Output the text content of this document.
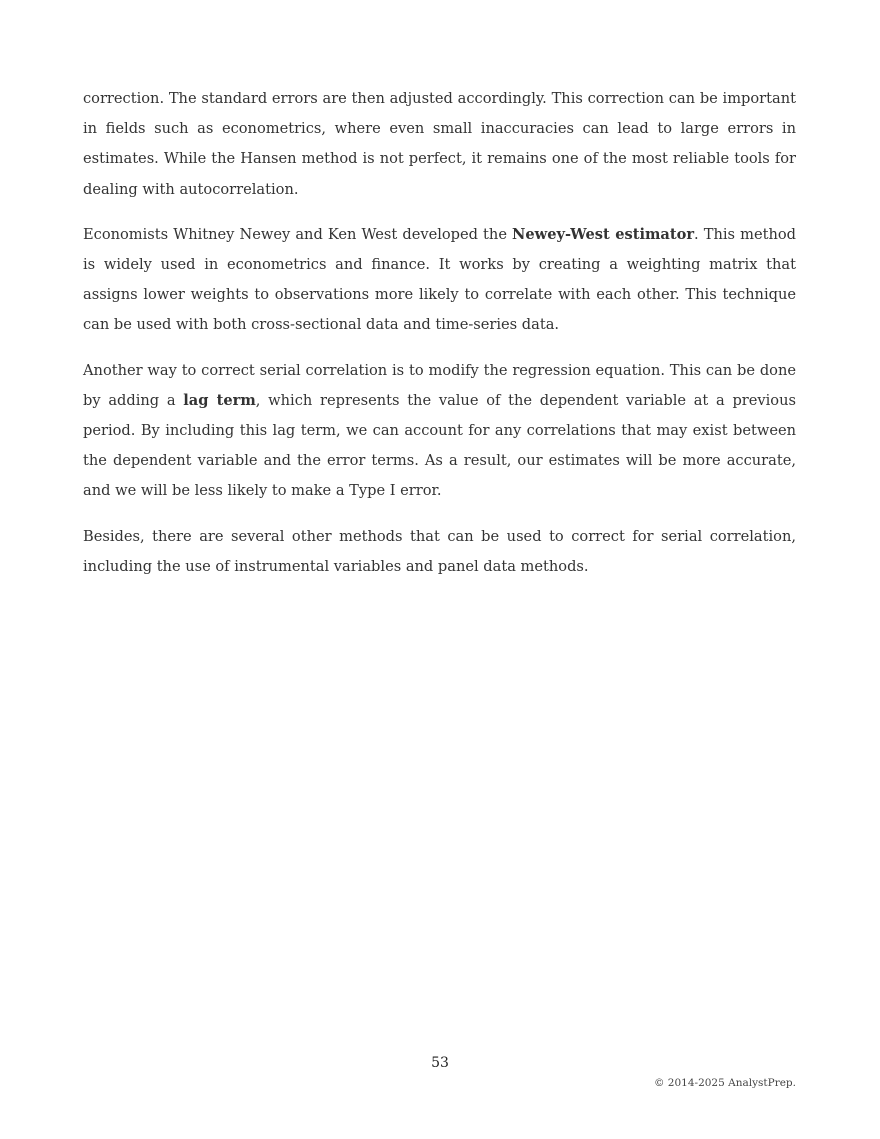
correction. The standard errors are then adjusted accordingly. This correction can be important in fields such as econometrics, where even small inaccuracies can lead to large errors in estimates. While the Hansen method is not perfect, it remains one of the most reliable tools for dealing with autocorrelation.

Economists Whitney Newey and Ken West developed the Newey-West estimator. This method is widely used in econometrics and finance. It works by creating a weighting matrix that assigns lower weights to observations more likely to correlate with each other. This technique can be used with both cross-sectional data and time-series data.

Another way to correct serial correlation is to modify the regression equation. This can be done by adding a lag term, which represents the value of the dependent variable at a previous period. By including this lag term, we can account for any correlations that may exist between the dependent variable and the error terms. As a result, our estimates will be more accurate, and we will be less likely to make a Type I error.

Besides, there are several other methods that can be used to correct for serial correlation, including the use of instrumental variables and panel data methods.

53
© 2014-2025 AnalystPrep.
